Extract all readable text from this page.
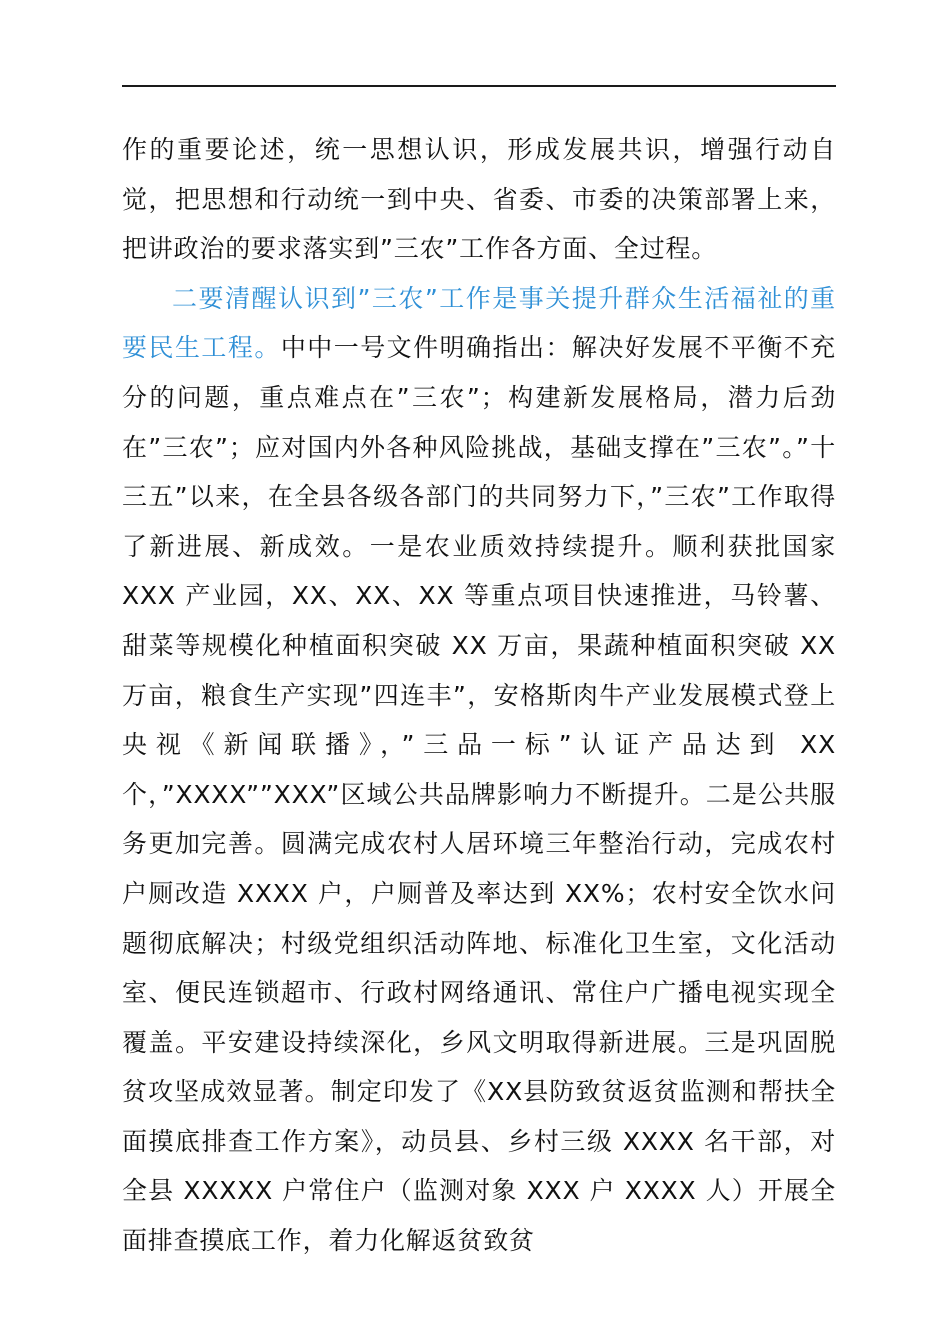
作的重要论述，统一思想认识，形成发展共识，增强行动自觉，把思想和行动统一到中央、省委、市委的决策部署上来，把讲政治的要求落实到”三农”工作各方面、全过程。

二要清醒认识到”三农”工作是事关提升群众生活福祉的重要民生工程。中中一号文件明确指出：解决好发展不平衡不充分的问题，重点难点在”三农”；构建新发展格局，潜力后劲在”三农”；应对国内外各种风险挑战，基础支撑在”三农”。”十三五”以来，在全县各级各部门的共同努力下，”三农”工作取得了新进展、新成效。一是农业质效持续提升。顺利获批国家 XXX 产业园，XX、XX、XX 等重点项目快速推进，马铃薯、甜菜等规模化种植面积突破 XX 万亩，果蔬种植面积突破 XX 万亩，粮食生产实现”四连丰”，安格斯肉牛产业发展模式登上央视《新闻联播》，”三品一标”认证产品达到 XX 个，”XXXX””XXX”区域公共品牌影响力不断提升。二是公共服务更加完善。圆满完成农村人居环境三年整治行动，完成农村户厕改造 XXXX 户，户厕普及率达到 XX%；农村安全饮水问题彻底解决；村级党组织活动阵地、标准化卫生室，文化活动室、便民连锁超市、行政村网络通讯、常住户广播电视实现全覆盖。平安建设持续深化，乡风文明取得新进展。三是巩固脱贫攻坚成效显著。制定印发了《XX县防致贫返贫监测和帮扶全面摸底排查工作方案》，动员县、乡村三级 XXXX 名干部，对全县 XXXXX 户常住户（监测对象 XXX 户 XXXX 人）开展全面排查摸底工作，着力化解返贫致贫
